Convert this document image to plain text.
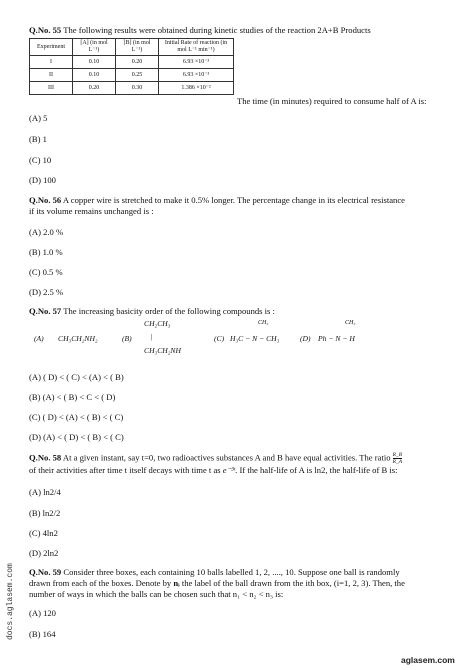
Q.No. 55 The following results were obtained during kinetic studies of the reaction 2A+B Products
Experiment	[A] (in mol L⁻¹)	[B] (in mol L⁻¹)	Initial Rate of reaction (in mol L⁻¹ min⁻¹)
I	0.10	0.20	6.93 ×10⁻³
II	0.10	0.25	6.93 ×10⁻³
III	0.20	0.30	1.386 ×10⁻²
The time (in minutes) required to consume half of A is:
(A) 5
(B) 1
(C) 10
(D) 100
Q.No. 56 A copper wire is stretched to make it 0.5% longer. The percentage change in its electrical resistance
if its volume remains unchanged is :
(A) 2.0 %
(B) 1.0 %
(C) 0.5 %
(D) 2.5 %
Q.No. 57 The increasing basicity order of the following compounds is :
(A) CH₃CH₂NH₂	(B)
CH₂CH₃
|
CH₃CH₂NH
CH₃
(C) H₃C − N − CH₃
CH₃
(D) Ph − N − H
(A) ( D) < ( C) < (A) < ( B)
(B) (A) < ( B) < C < ( D)
(C) ( D) < (A) < ( B) < ( C)
(D) (A) < ( D) < ( B) < ( C)
Q.No. 58 At a given instant, say t=0, two radioactives substances A and B have equal activities. The ratio $\frac{R\_B}{R\_A}$
of their activities after time t itself decays with time t as e⁻³ᵗ. If the half-life of A is ln2, the half-life of B is:
(A) ln2/4
(B) ln2/2
(C) 4ln2
(D) 2ln2
Q.No. 59 Consider three boxes, each containing 10 balls labelled 1, 2, ...., 10. Suppose one ball is randomly
drawn from each of the boxes. Denote by nᵢ the label of the ball drawn from the ith box, (i=1, 2, 3). Then, the
number of ways in which the balls can be chosen such that n₁ < n₂ < n₃ is:
(A) 120
(B) 164
docs.aglasem.com
aglasem.com
